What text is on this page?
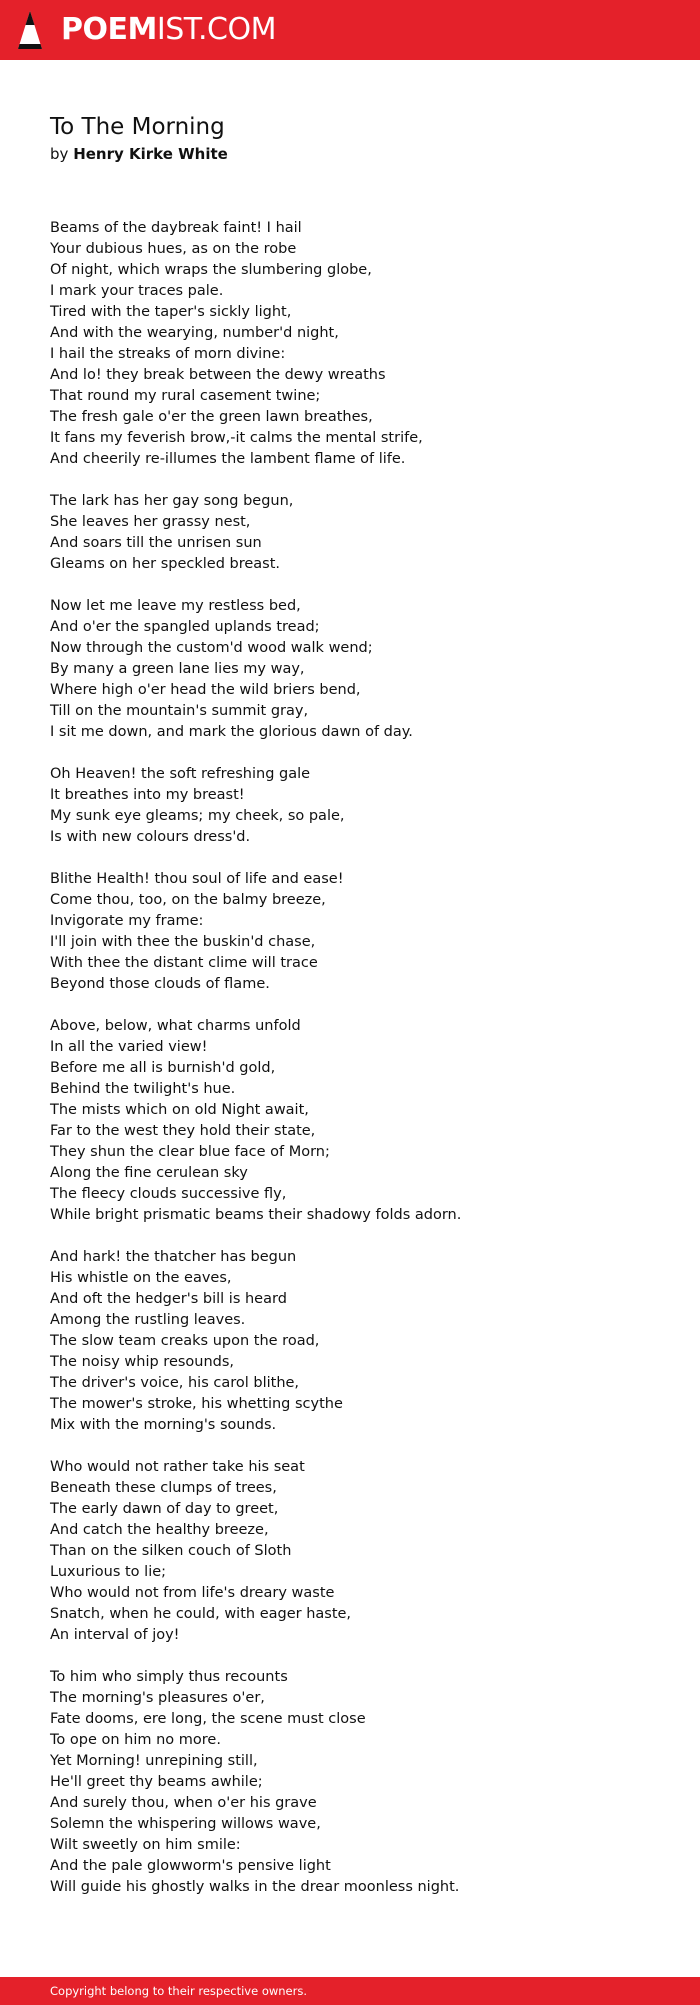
POEMIST.COM
To The Morning
by Henry Kirke White
Beams of the daybreak faint! I hail
Your dubious hues, as on the robe
Of night, which wraps the slumbering globe,
I mark your traces pale.
Tired with the taper's sickly light,
And with the wearying, number'd night,
I hail the streaks of morn divine:
And lo! they break between the dewy wreaths
That round my rural casement twine;
The fresh gale o'er the green lawn breathes,
It fans my feverish brow,-it calms the mental strife,
And cheerily re-illumes the lambent flame of life.
The lark has her gay song begun,
She leaves her grassy nest,
And soars till the unrisen sun
Gleams on her speckled breast.
Now let me leave my restless bed,
And o'er the spangled uplands tread;
Now through the custom'd wood walk wend;
By many a green lane lies my way,
Where high o'er head the wild briers bend,
Till on the mountain's summit gray,
I sit me down, and mark the glorious dawn of day.
Oh Heaven! the soft refreshing gale
It breathes into my breast!
My sunk eye gleams; my cheek, so pale,
Is with new colours dress'd.
Blithe Health! thou soul of life and ease!
Come thou, too, on the balmy breeze,
Invigorate my frame:
I'll join with thee the buskin'd chase,
With thee the distant clime will trace
Beyond those clouds of flame.
Above, below, what charms unfold
In all the varied view!
Before me all is burnish'd gold,
Behind the twilight's hue.
The mists which on old Night await,
Far to the west they hold their state,
They shun the clear blue face of Morn;
Along the fine cerulean sky
The fleecy clouds successive fly,
While bright prismatic beams their shadowy folds adorn.
And hark! the thatcher has begun
His whistle on the eaves,
And oft the hedger's bill is heard
Among the rustling leaves.
The slow team creaks upon the road,
The noisy whip resounds,
The driver's voice, his carol blithe,
The mower's stroke, his whetting scythe
Mix with the morning's sounds.
Who would not rather take his seat
Beneath these clumps of trees,
The early dawn of day to greet,
And catch the healthy breeze,
Than on the silken couch of Sloth
Luxurious to lie;
Who would not from life's dreary waste
Snatch, when he could, with eager haste,
An interval of joy!
To him who simply thus recounts
The morning's pleasures o'er,
Fate dooms, ere long, the scene must close
To ope on him no more.
Yet Morning! unrepining still,
He'll greet thy beams awhile;
And surely thou, when o'er his grave
Solemn the whispering willows wave,
Wilt sweetly on him smile:
And the pale glowworm's pensive light
Will guide his ghostly walks in the drear moonless night.
Copyright belong to their respective owners.
